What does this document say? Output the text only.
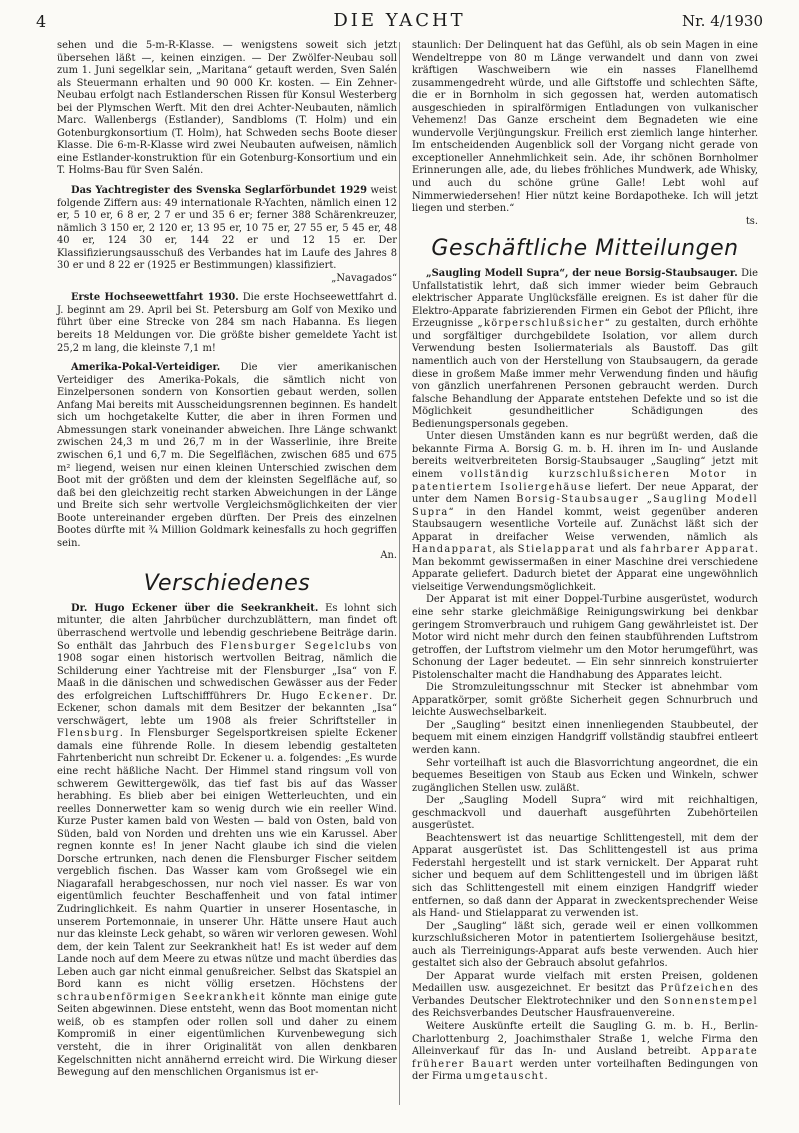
4	DIE YACHT	Nr. 4/1930

sehen und die 5-m-R-Klasse. — wenigstens soweit sich jetzt übersehen läßt —, keinen einzigen. — Der Zwölfer-Neubau soll zum 1. Juni segelklar sein, „Maritana“ getauft werden, Sven Salén als Steuermann erhalten und 90 000 Kr. kosten. — Ein Zehner-Neubau erfolgt nach Estlanderschen Rissen für Konsul Westerberg bei der Plymschen Werft. Mit den drei Achter-Neubauten, nämlich Marc. Wallenbergs (Estlander), Sandbloms (T. Holm) und ein Gotenburgkonsortium (T. Holm), hat Schweden sechs Boote dieser Klasse. Die 6-m-R-Klasse wird zwei Neubauten aufweisen, nämlich eine Estlander-konstruktion für ein Gotenburg-Konsortium und ein T. Holms-Bau für Sven Salén.

Das Yachtregister des Svenska Seglarförbundet 1929 weist folgende Ziffern aus: 49 internationale R-Yachten, nämlich einen 12 er, 5 10 er, 6 8 er, 2 7 er und 35 6 er; ferner 388 Schärenkreuzer, nämlich 3 150 er, 2 120 er, 13 95 er, 10 75 er, 27 55 er, 5 45 er, 48 40 er, 124 30 er, 144 22 er und 12 15 er. Der Klassifizierungsausschuß des Verbandes hat im Laufe des Jahres 8 30 er und 8 22 er (1925 er Bestimmungen) klassifiziert.

„Navagados“

Erste Hochseewettfahrt 1930. Die erste Hochseewettfahrt d. J. beginnt am 29. April bei St. Petersburg am Golf von Mexiko und führt über eine Strecke von 284 sm nach Habanna. Es liegen bereits 18 Meldungen vor. Die größte bisher gemeldete Yacht ist 25,2 m lang, die kleinste 7,1 m!

Amerika-Pokal-Verteidiger. Die vier amerikanischen Verteidiger des Amerika-Pokals, die sämtlich nicht von Einzelpersonen sondern von Konsortien gebaut werden, sollen Anfang Mai bereits mit Ausscheidungsrennen beginnen. Es handelt sich um hochgetakelte Kutter, die aber in ihren Formen und Abmessungen stark voneinander abweichen. Ihre Länge schwankt zwischen 24,3 m und 26,7 m in der Wasserlinie, ihre Breite zwischen 6,1 und 6,7 m. Die Segelflächen, zwischen 685 und 675 m² liegend, weisen nur einen kleinen Unterschied zwischen dem Boot mit der größten und dem der kleinsten Segelfläche auf, so daß bei den gleichzeitig recht starken Abweichungen in der Länge und Breite sich sehr wertvolle Vergleichsmöglichkeiten der vier Boote untereinander ergeben dürften. Der Preis des einzelnen Bootes dürfte mit ¾ Million Goldmark keinesfalls zu hoch gegriffen sein.

An.

Verschiedenes

Dr. Hugo Eckener über die Seekrankheit. Es lohnt sich mitunter, die alten Jahrbücher durchzublättern, man findet oft überraschend wertvolle und lebendig geschriebene Beiträge darin. So enthält das Jahrbuch des Flensburger Segelclubs von 1908 sogar einen historisch wertvollen Beitrag, nämlich die Schilderung einer Yachtreise mit der Flensburger „Isa“ von F. Maaß in die dänischen und schwedischen Gewässer aus der Feder des erfolgreichen Luftschiffführers Dr. Hugo Eckener. Dr. Eckener, schon damals mit dem Besitzer der bekannten „Isa“ verschwägert, lebte um 1908 als freier Schriftsteller in Flensburg. In Flensburger Segelsportkreisen spielte Eckener damals eine führende Rolle. In diesem lebendig gestalteten Fahrtenbericht nun schreibt Dr. Eckener u. a. folgendes: „Es wurde eine recht häßliche Nacht. Der Himmel stand ringsum voll von schwerem Gewittergewölk, das tief fast bis auf das Wasser herabhing. Es blieb aber bei einigen Wetterleuchten, und ein reelles Donnerwetter kam so wenig durch wie ein reeller Wind. Kurze Puster kamen bald von Westen — bald von Osten, bald von Süden, bald von Norden und drehten uns wie ein Karussel. Aber regnen konnte es! In jener Nacht glaube ich sind die vielen Dorsche ertrunken, nach denen die Flensburger Fischer seitdem vergeblich fischen. Das Wasser kam vom Großsegel wie ein Niagarafall herabgeschossen, nur noch viel nasser. Es war von eigentümlich feuchter Beschaffenheit und von fatal intimer Zudringlichkeit. Es nahm Quartier in unserer Hosentasche, in unserem Portemonnaie, in unserer Uhr. Hätte unsere Haut auch nur das kleinste Leck gehabt, so wären wir verloren gewesen. Wohl dem, der kein Talent zur Seekrankheit hat! Es ist weder auf dem Lande noch auf dem Meere zu etwas nütze und macht überdies das Leben auch gar nicht einmal genußreicher. Selbst das Skatspiel an Bord kann es nicht völlig ersetzen. Höchstens der schraubenförmigen Seekrankheit könnte man einige gute Seiten abgewinnen. Diese entsteht, wenn das Boot momentan nicht weiß, ob es stampfen oder rollen soll und daher zu einem Kompromiß in einer eigentümlichen Kurvenbewegung sich versteht, die in ihrer Originalität von allen denkbaren Kegelschnitten nicht annähernd erreicht wird. Die Wirkung dieser Bewegung auf den menschlichen Organismus ist er-

staunlich: Der Delinquent hat das Gefühl, als ob sein Magen in eine Wendeltreppe von 80 m Länge verwandelt und dann von zwei kräftigen Waschweibern wie ein nasses Flanellhemd zusammengedreht würde, und alle Giftstoffe und schlechten Säfte, die er in Bornholm in sich gegossen hat, werden automatisch ausgeschieden in spiralförmigen Entladungen von vulkanischer Vehemenz! Das Ganze erscheint dem Begnadeten wie eine wundervolle Verjüngungskur. Freilich erst ziemlich lange hinterher. Im entscheidenden Augenblick soll der Vorgang nicht gerade von exceptioneller Annehmlichkeit sein. Ade, ihr schönen Bornholmer Erinnerungen alle, ade, du liebes fröhliches Mundwerk, ade Whisky, und auch du schöne grüne Galle! Lebt wohl auf Nimmerwiedersehen! Hier nützt keine Bordapotheke. Ich will jetzt liegen und sterben.“

ts.

Geschäftliche Mitteilungen

„Saugling Modell Supra“, der neue Borsig-Staubsauger. Die Unfallstatistik lehrt, daß sich immer wieder beim Gebrauch elektrischer Apparate Unglücksfälle ereignen. Es ist daher für die Elektro-Apparate fabrizierenden Firmen ein Gebot der Pflicht, ihre Erzeugnisse „körperschlußsicher“ zu gestalten, durch erhöhte und sorgfältiger durchgebildete Isolation, vor allem durch Verwendung besten Isoliermaterials als Baustoff. Das gilt namentlich auch von der Herstellung von Staubsaugern, da gerade diese in großem Maße immer mehr Verwendung finden und häufig von gänzlich unerfahrenen Personen gebraucht werden. Durch falsche Behandlung der Apparate entstehen Defekte und so ist die Möglichkeit gesundheitlicher Schädigungen des Bedienungspersonals gegeben.

Unter diesen Umständen kann es nur begrüßt werden, daß die bekannte Firma A. Borsig G. m. b. H. ihren im In- und Auslande bereits weitverbreiteten Borsig-Staubsauger „Saugling“ jetzt mit einem vollständig kurzschlußsicheren Motor in patentiertem Isoliergehäuse liefert. Der neue Apparat, der unter dem Namen Borsig-Staubsauger „Saugling Modell Supra“ in den Handel kommt, weist gegenüber anderen Staubsaugern wesentliche Vorteile auf. Zunächst läßt sich der Apparat in dreifacher Weise verwenden, nämlich als Handapparat, als Stielapparat und als fahrbarer Apparat. Man bekommt gewissermaßen in einer Maschine drei verschiedene Apparate geliefert. Dadurch bietet der Apparat eine ungewöhnlich vielseitige Verwendungsmöglichkeit.

Der Apparat ist mit einer Doppel-Turbine ausgerüstet, wodurch eine sehr starke gleichmäßige Reinigungswirkung bei denkbar geringem Stromverbrauch und ruhigem Gang gewährleistet ist. Der Motor wird nicht mehr durch den feinen staubführenden Luftstrom getroffen, der Luftstrom vielmehr um den Motor herumgeführt, was Schonung der Lager bedeutet. — Ein sehr sinnreich konstruierter Pistolenschalter macht die Handhabung des Apparates leicht.

Die Stromzuleitungsschnur mit Stecker ist abnehmbar vom Apparatkörper, somit größte Sicherheit gegen Schnurbruch und leichte Auswechselbarkeit.

Der „Saugling“ besitzt einen innenliegenden Staubbeutel, der bequem mit einem einzigen Handgriff vollständig staubfrei entleert werden kann.

Sehr vorteilhaft ist auch die Blasvorrichtung angeordnet, die ein bequemes Beseitigen von Staub aus Ecken und Winkeln, schwer zugänglichen Stellen usw. zuläßt.

Der „Saugling Modell Supra“ wird mit reichhaltigen, geschmackvoll und dauerhaft ausgeführten Zubehörteilen ausgerüstet.

Beachtenswert ist das neuartige Schlittengestell, mit dem der Apparat ausgerüstet ist. Das Schlittengestell ist aus prima Federstahl hergestellt und ist stark vernickelt. Der Apparat ruht sicher und bequem auf dem Schlittengestell und im übrigen läßt sich das Schlittengestell mit einem einzigen Handgriff wieder entfernen, so daß dann der Apparat in zweckentsprechender Weise als Hand- und Stielapparat zu verwenden ist.

Der „Saugling“ läßt sich, gerade weil er einen vollkommen kurzschlußsicheren Motor in patentiertem Isoliergehäuse besitzt, auch als Tierreinigungs-Apparat aufs beste verwenden. Auch hier gestaltet sich also der Gebrauch absolut gefahrlos.

Der Apparat wurde vielfach mit ersten Preisen, goldenen Medaillen usw. ausgezeichnet. Er besitzt das Prüfzeichen des Verbandes Deutscher Elektrotechniker und den Sonnenstempel des Reichsverbandes Deutscher Hausfrauenvereine.

Weitere Auskünfte erteilt die Saugling G. m. b. H., Berlin-Charlottenburg 2, Joachimsthaler Straße 1, welche Firma den Alleinverkauf für das In- und Ausland betreibt. Apparate früherer Bauart werden unter vorteilhaften Bedingungen von der Firma umgetauscht.
